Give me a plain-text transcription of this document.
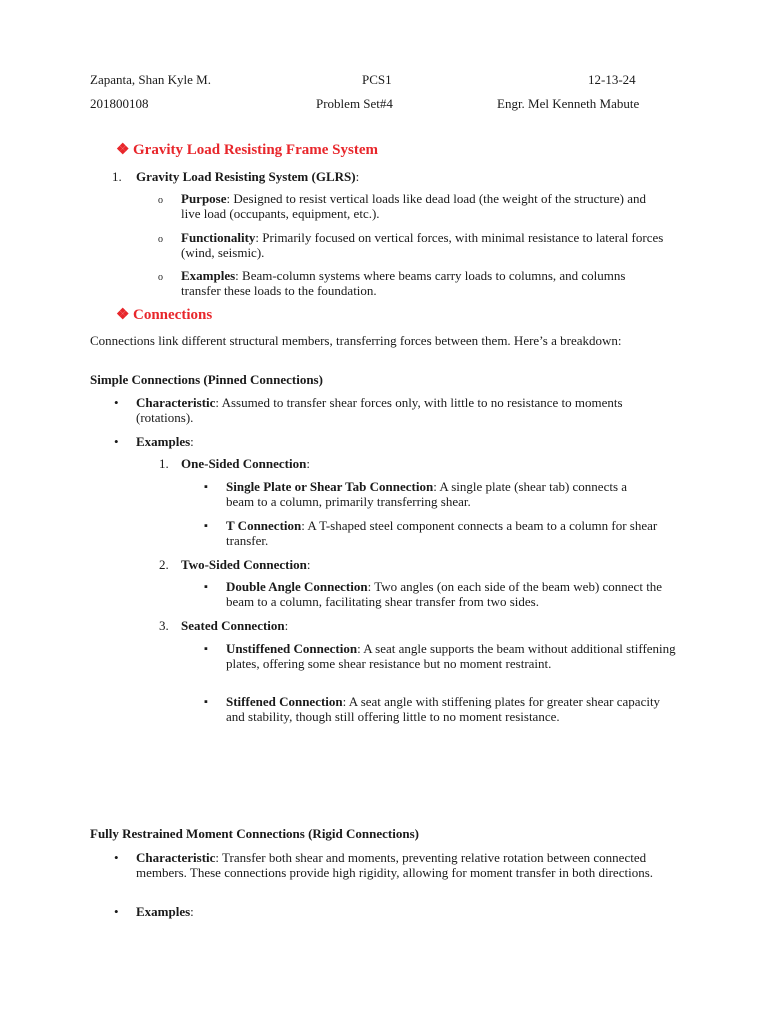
Zapanta, Shan Kyle M.	PCS1	12-13-24
201800108	Problem Set#4	Engr. Mel Kenneth Mabute
❖ Gravity Load Resisting Frame System
1. Gravity Load Resisting System (GLRS):
o Purpose: Designed to resist vertical loads like dead load (the weight of the structure) and live load (occupants, equipment, etc.).
o Functionality: Primarily focused on vertical forces, with minimal resistance to lateral forces (wind, seismic).
o Examples: Beam-column systems where beams carry loads to columns, and columns transfer these loads to the foundation.
❖ Connections
Connections link different structural members, transferring forces between them. Here’s a breakdown:
Simple Connections (Pinned Connections)
• Characteristic: Assumed to transfer shear forces only, with little to no resistance to moments (rotations).
• Examples:
1. One-Sided Connection:
▪ Single Plate or Shear Tab Connection: A single plate (shear tab) connects a beam to a column, primarily transferring shear.
▪ T Connection: A T-shaped steel component connects a beam to a column for shear transfer.
2. Two-Sided Connection:
▪ Double Angle Connection: Two angles (on each side of the beam web) connect the beam to a column, facilitating shear transfer from two sides.
3. Seated Connection:
▪ Unstiffened Connection: A seat angle supports the beam without additional stiffening plates, offering some shear resistance but no moment restraint.
▪ Stiffened Connection: A seat angle with stiffening plates for greater shear capacity and stability, though still offering little to no moment resistance.
Fully Restrained Moment Connections (Rigid Connections)
• Characteristic: Transfer both shear and moments, preventing relative rotation between connected members. These connections provide high rigidity, allowing for moment transfer in both directions.
• Examples:
